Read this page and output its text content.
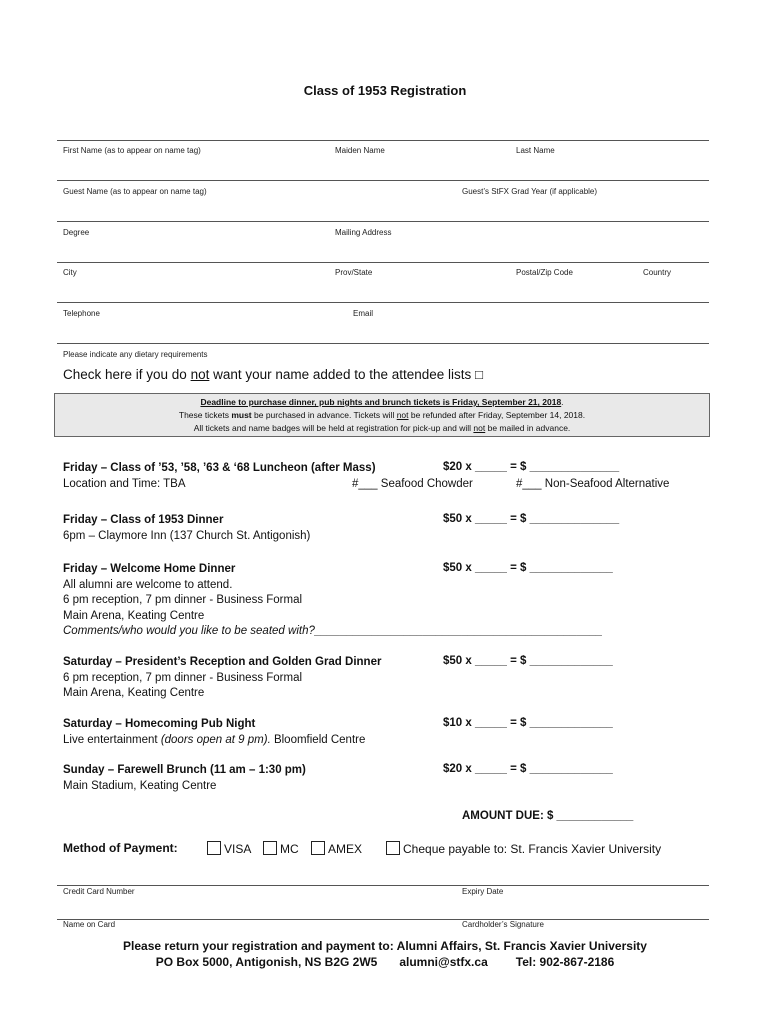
Class of 1953 Registration
First Name (as to appear on name tag)	Maiden Name	Last Name
Guest Name (as to appear on name tag)	Guest’s StFX Grad Year (if applicable)
Degree	Mailing Address
City	Prov/State	Postal/Zip Code	Country
Telephone	Email
Please indicate any dietary requirements
Check here if you do not want your name added to the attendee lists □
Deadline to purchase dinner, pub nights and brunch tickets is Friday, September 21, 2018.
These tickets must be purchased in advance. Tickets will not be refunded after Friday, September 14, 2018.
All tickets and name badges will be held at registration for pick-up and will not be mailed in advance.
Friday – Class of ’53, ’58, ’63 & ‘68 Luncheon (after Mass)
Location and Time: TBA
$20 x _____ = $ ______________
#___ Seafood Chowder	#___ Non-Seafood Alternative
Friday – Class of 1953 Dinner
6pm – Claymore Inn (137 Church St. Antigonish)
$50 x _____ = $ ______________
Friday – Welcome Home Dinner
All alumni are welcome to attend.
6 pm reception, 7 pm dinner - Business Formal
Main Arena, Keating Centre
Comments/who would you like to be seated with?_____________________________________________
$50 x _____ = $ _____________
Saturday – President’s Reception and Golden Grad Dinner
6 pm reception, 7 pm dinner - Business Formal
Main Arena, Keating Centre
$50 x _____ = $ _____________
Saturday – Homecoming Pub Night
Live entertainment (doors open at 9 pm). Bloomfield Centre
$10 x _____ = $ _____________
Sunday – Farewell Brunch (11 am – 1:30 pm)
Main Stadium, Keating Centre
$20 x _____ = $ _____________
AMOUNT DUE: $ ____________
Method of Payment:	VISA	MC	AMEX	Cheque payable to: St. Francis Xavier University
Credit Card Number	Expiry Date
Name on Card	Cardholder’s Signature
Please return your registration and payment to: Alumni Affairs, St. Francis Xavier University
PO Box 5000, Antigonish, NS B2G 2W5 alumni@stfx.ca Tel: 902-867-2186
